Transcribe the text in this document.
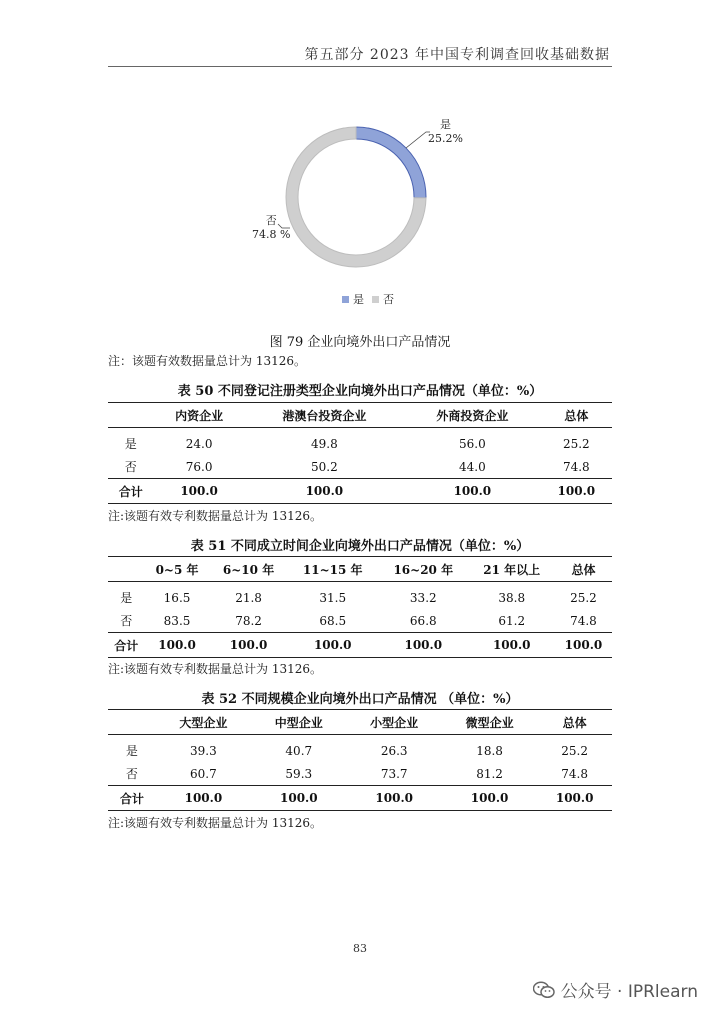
第五部分 2023 年中国专利调查回收基础数据
是
25.2%
否
74.8 %
是 否
图 79 企业向境外出口产品情况
注：该题有效数据量总计为 13126。
表 50 不同登记注册类型企业向境外出口产品情况（单位：%）
	内资企业	港澳台投资企业	外商投资企业	总体
是	24.0	49.8	56.0	25.2
否	76.0	50.2	44.0	74.8
合计	100.0	100.0	100.0	100.0
注:该题有效专利数据量总计为 13126。
表 51 不同成立时间企业向境外出口产品情况（单位：%）
	0~5 年	6~10 年	11~15 年	16~20 年	21 年以上	总体
是	16.5	21.8	31.5	33.2	38.8	25.2
否	83.5	78.2	68.5	66.8	61.2	74.8
合计	100.0	100.0	100.0	100.0	100.0	100.0
注:该题有效专利数据量总计为 13126。
表 52 不同规模企业向境外出口产品情况 （单位：%）
	大型企业	中型企业	小型企业	微型企业	总体
是	39.3	40.7	26.3	18.8	25.2
否	60.7	59.3	73.7	81.2	74.8
合计	100.0	100.0	100.0	100.0	100.0
注:该题有效专利数据量总计为 13126。
83
公众号 · IPRlearn
